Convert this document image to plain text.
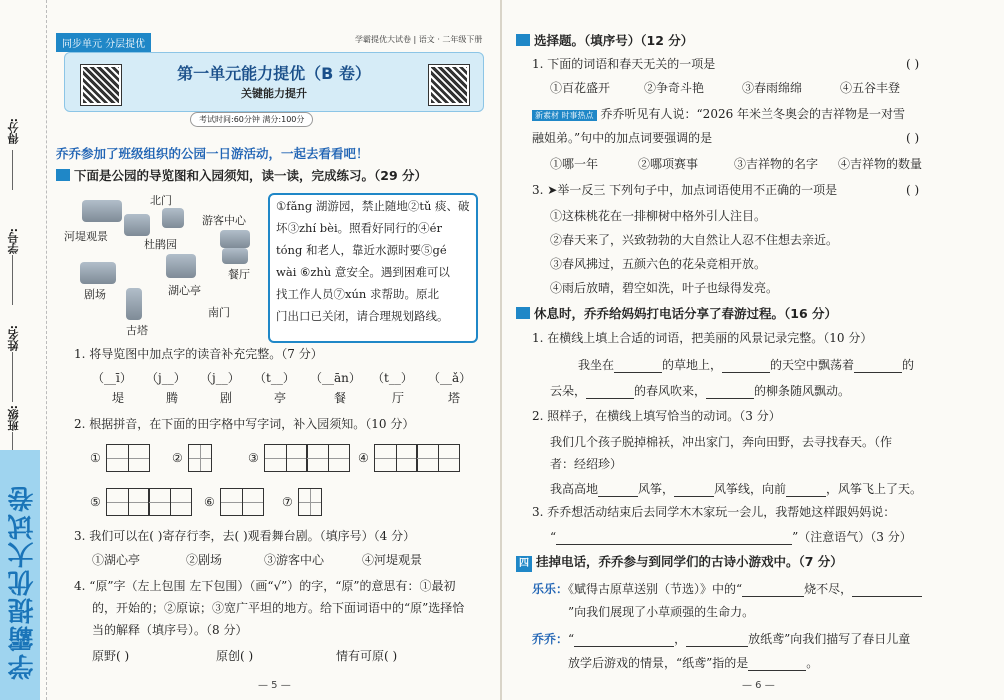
得分:
学号:
姓名:
班级:
学霸提优大试卷
同步单元 分层提优	学霸提优大试卷 | 语文 · 二年级下册
第一单元能力提优（B 卷）
关键能力提升
考试时间:60分钟 满分:100分
乔乔参加了班级组织的公园一日游活动，一起去看看吧！
下面是公园的导览图和入园须知，读一读，完成练习。（29 分）
河堤观景
北门
游客中心
杜鹃园
餐厅
剧场	湖心亭
古塔
南门
①fǎng 湖游园，禁止随地②tǔ 痰、破
坏③zhí bèi。照看好同行的④ér
tóng 和老人，靠近水源时要⑤gé
wài ⑥zhù 意安全。遇到困难可以
找工作人员⑦xún 求帮助。原北
门出口已关闭，请合理规划路线。
1. 将导览图中加点字的读音补充完整。（7 分）
（__ī） （j__） （j__） （t__） （__ān） （t__） （__ǎ）
堤	腾	剧	亭	餐	厅	塔
2. 根据拼音，在下面的田字格中写字词，补入园须知。（10 分）
①	②	③	④
⑤	⑥	⑦
3. 我们可以在( )寄存行李，去( )观看舞台剧。（填序号）（4 分）
①湖心亭	②剧场	③游客中心	④河堤观景
4. “原”字（左上包围 左下包围）（画“√”）的字，“原”的意思有：①最初
的，开始的；②原谅；③宽广平坦的地方。给下面词语中的“原”选择恰
当的解释（填序号）。（8 分）
原野( )	原创( )	情有可原( )
— 5 —
选择题。（填序号）（12 分）
1. 下面的词语和春天无关的一项是	( )
①百花盛开	②争奇斗艳	③春雨绵绵	④五谷丰登
新素材 时事热点 乔乔听见有人说：“2026 年米兰冬奥会的吉祥物是一对雪
融姐弟。”句中的加点词要强调的是	( )
①哪一年	②哪项赛事	③吉祥物的名字 ④吉祥物的数量
3. ➤举一反三 下列句子中，加点词语使用不正确的一项是	( )
①这株桃花在一排柳树中格外引人注目。
②春天来了，兴致勃勃的大自然让人忍不住想去亲近。
③春风拂过，五颜六色的花朵竞相开放。
④雨后放晴，碧空如洗，叶子也绿得发亮。
休息时，乔乔给妈妈打电话分享了春游过程。（16 分）
1. 在横线上填上合适的词语，把美丽的风景记录完整。（10 分）
我坐在	的草地上，	的天空中飘荡着	的
云朵，	的春风吹来，	的柳条随风飘动。
2. 照样子，在横线上填写恰当的动词。（3 分）
我们几个孩子脱掉棉袄，冲出家门，奔向田野，去寻找春天。（作
者：经绍珍）
我高高地	风筝，	风筝线，向前	，风筝飞上了天。
3. 乔乔想活动结束后去同学木木家玩一会儿，我帮她这样跟妈妈说：
“	”（注意语气）（3 分）
四 挂掉电话，乔乔参与到同学们的古诗小游戏中。（7 分）
乐乐：《赋得古原草送别（节选）》中的“	烧不尽，
”向我们展现了小草顽强的生命力。
乔乔：“	，	放纸鸢”向我们描写了春日儿童
放学后游戏的情景，“纸鸢”指的是	。
— 6 —
